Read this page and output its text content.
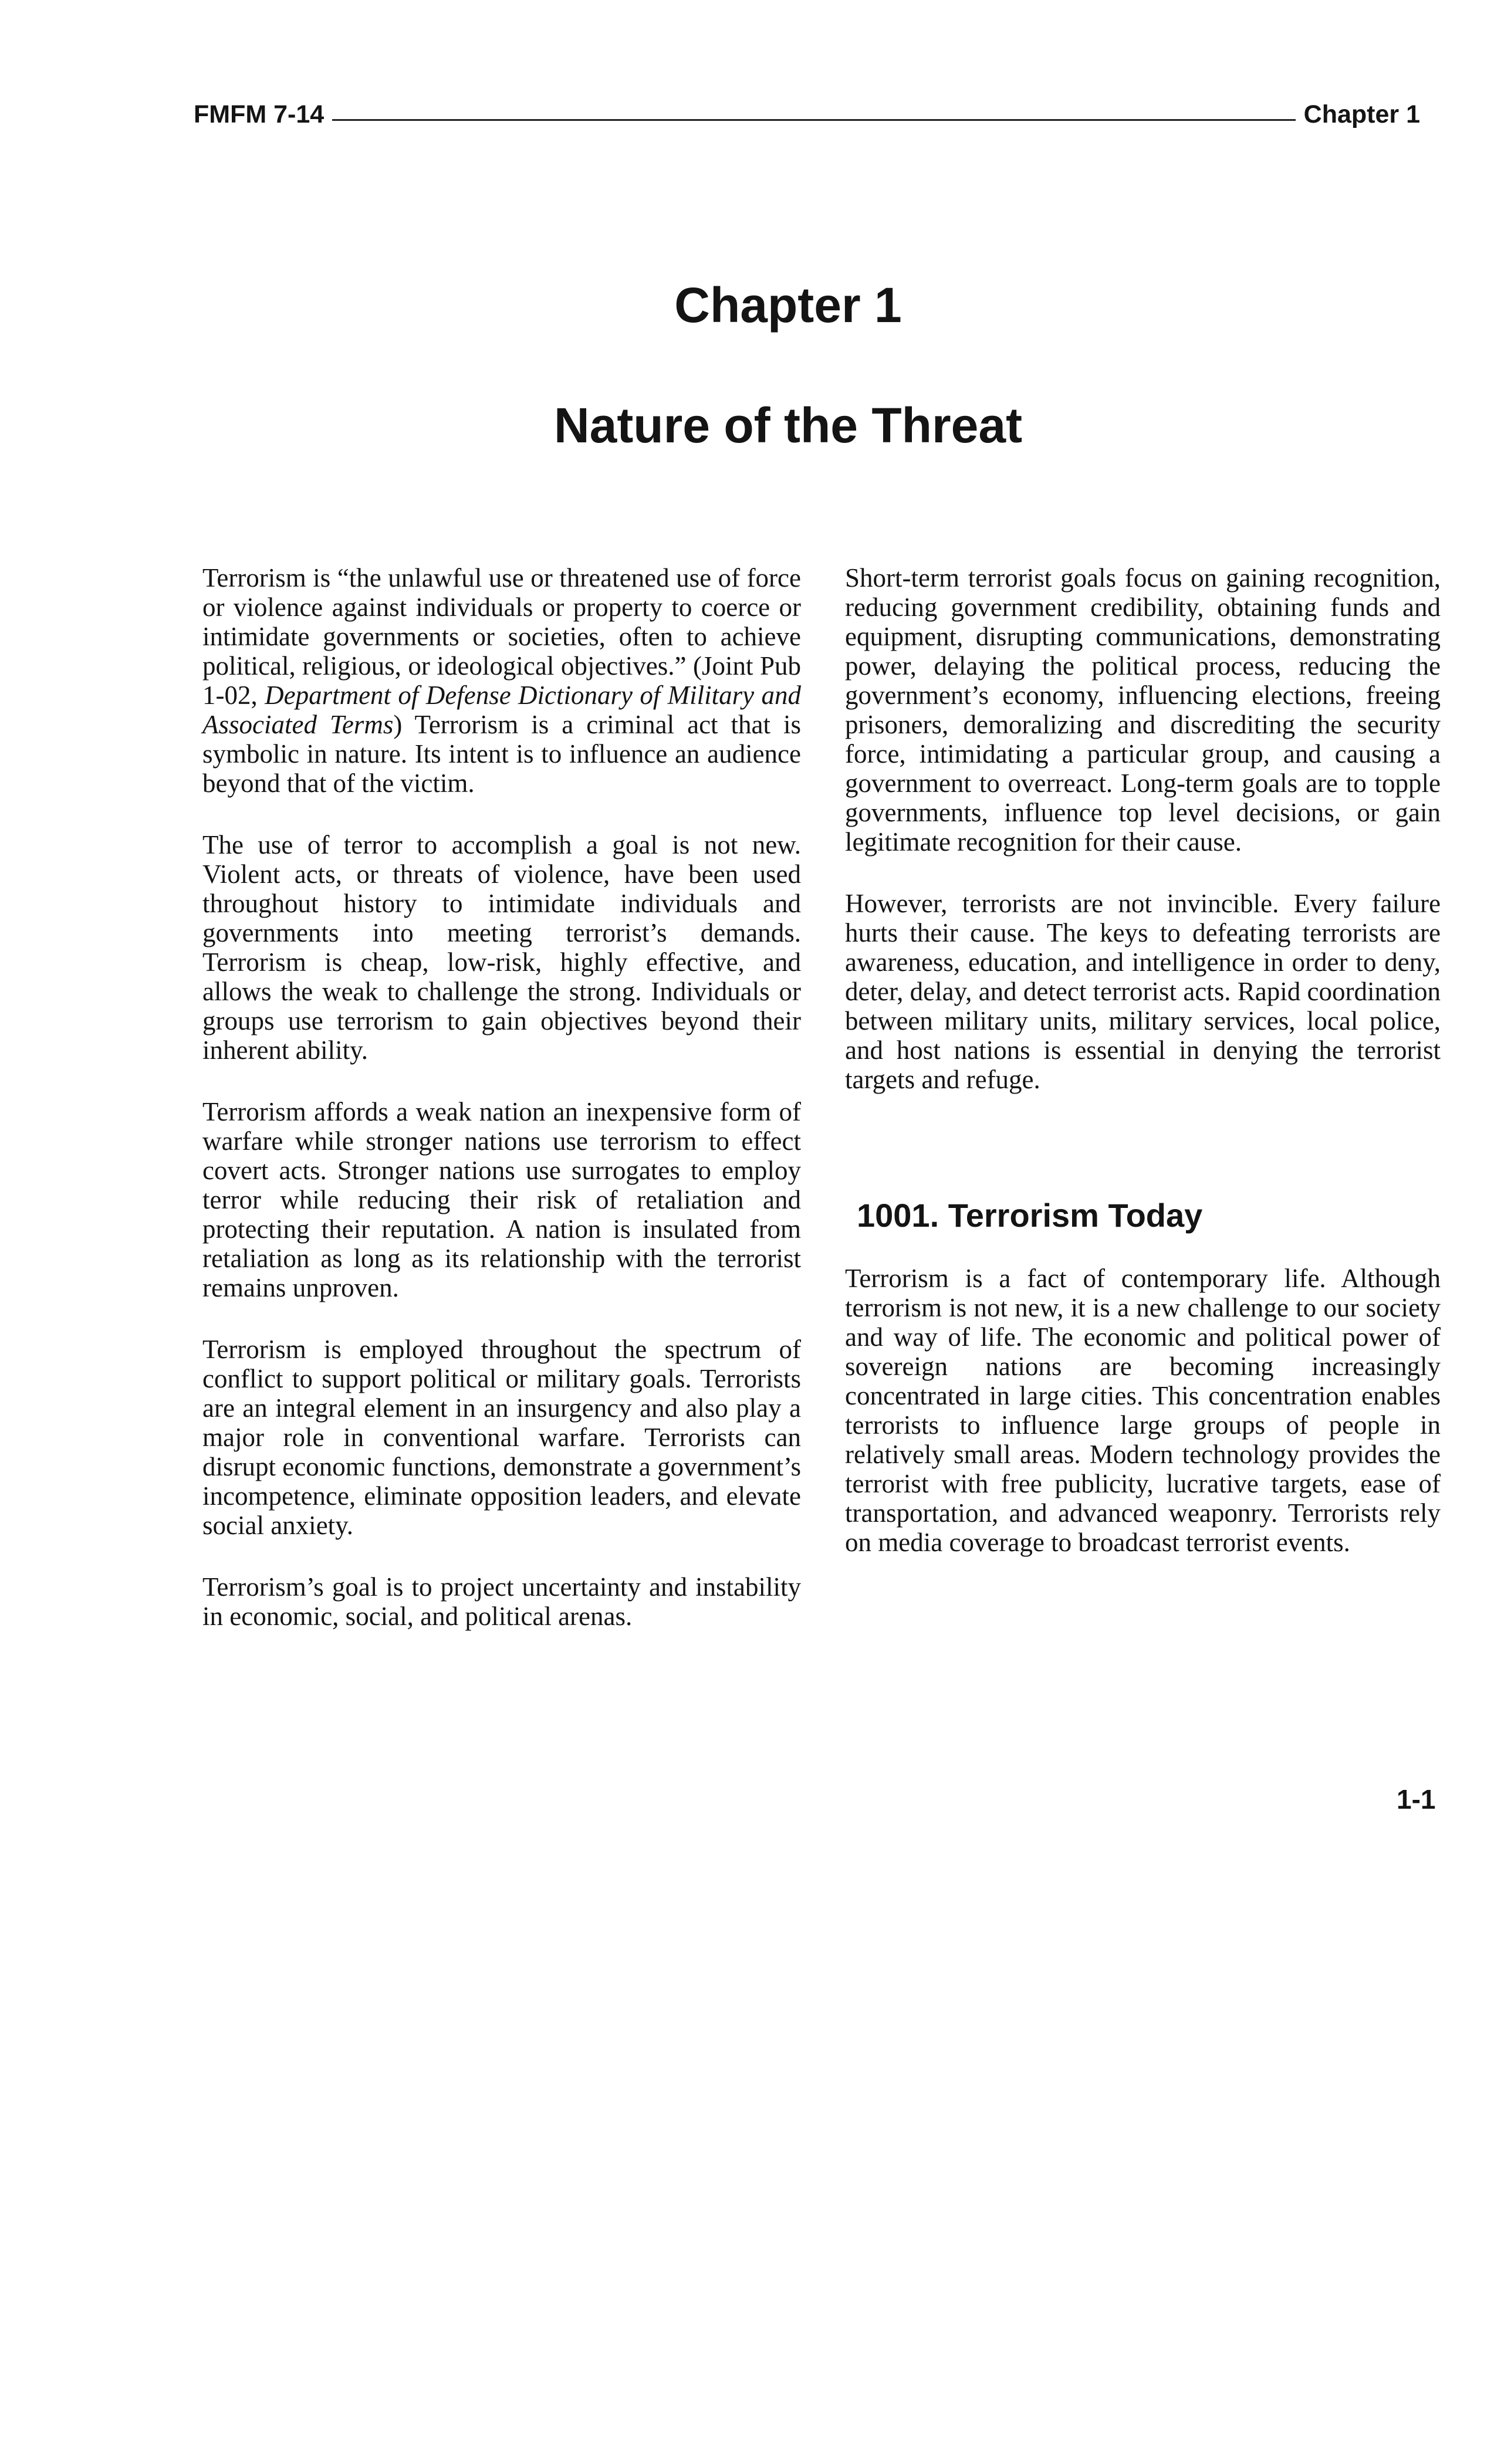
FMFM 7-14	Chapter 1
Chapter 1
Nature of the Threat

Terrorism is “the unlawful use or threatened use of force or violence against individuals or property to coerce or intimidate governments or societies, often to achieve political, religious, or ideological objectives.” (Joint Pub 1-02, Department of Defense Dictionary of Military and Associated Terms) Terrorism is a criminal act that is symbolic in nature. Its intent is to influence an audience beyond that of the victim.

The use of terror to accomplish a goal is not new. Violent acts, or threats of violence, have been used throughout history to intimidate individuals and governments into meeting terrorist’s demands. Terrorism is cheap, low-risk, highly effective, and allows the weak to challenge the strong. Individuals or groups use terrorism to gain objectives beyond their inherent ability.

Terrorism affords a weak nation an inexpensive form of warfare while stronger nations use terrorism to effect covert acts. Stronger nations use surrogates to employ terror while reducing their risk of retaliation and protecting their reputation. A nation is insulated from retaliation as long as its relationship with the terrorist remains unproven.

Terrorism is employed throughout the spectrum of conflict to support political or military goals. Terrorists are an integral element in an insurgency and also play a major role in conventional warfare. Terrorists can disrupt economic functions, demonstrate a government’s incompetence, eliminate opposition leaders, and elevate social anxiety.

Terrorism’s goal is to project uncertainty and instability in economic, social, and political arenas.

Short-term terrorist goals focus on gaining recognition, reducing government credibility, obtaining funds and equipment, disrupting communications, demonstrating power, delaying the political process, reducing the government’s economy, influencing elections, freeing prisoners, demoralizing and discrediting the security force, intimidating a particular group, and causing a government to overreact. Long-term goals are to topple governments, influence top level decisions, or gain legitimate recognition for their cause.

However, terrorists are not invincible. Every failure hurts their cause. The keys to defeating terrorists are awareness, education, and intelligence in order to deny, deter, delay, and detect terrorist acts. Rapid coordination between military units, military services, local police, and host nations is essential in denying the terrorist targets and refuge.

1001. Terrorism Today

Terrorism is a fact of contemporary life. Although terrorism is not new, it is a new challenge to our society and way of life. The economic and political power of sovereign nations are becoming increasingly concentrated in large cities. This concentration enables terrorists to influence large groups of people in relatively small areas. Modern technology provides the terrorist with free publicity, lucrative targets, ease of transportation, and advanced weaponry. Terrorists rely on media coverage to broadcast terrorist events.

1-1
